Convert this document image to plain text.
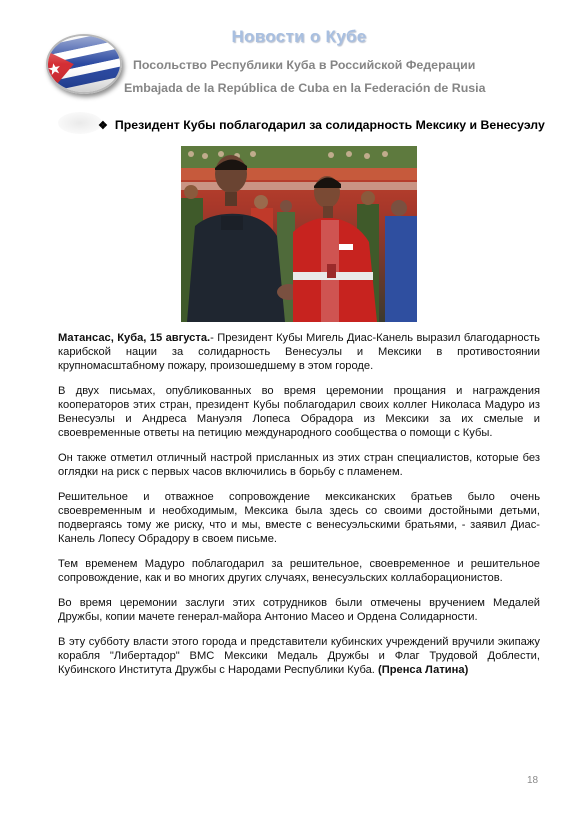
Новости о Кубе
Посольство Республики Куба в Российской Федерации
Embajada de la República de Cuba en la Federación de Rusia
❖ Президент Кубы поблагодарил за солидарность Мексику и Венесуэлу

Матансас, Куба, 15 августа.- Президент Кубы Мигель Диас-Канель выразил благодарность карибской нации за солидарность Венесуэлы и Мексики в противостоянии крупномасштабному пожару, произошедшему в этом городе.

В двух письмах, опубликованных во время церемонии прощания и награждения кооператоров этих стран, президент Кубы поблагодарил своих коллег Николаса Мадуро из Венесуэлы и Андреса Мануэля Лопеса Обрадора из Мексики за их смелые и своевременные ответы на петицию международного сообщества о помощи с Кубы.

Он также отметил отличный настрой присланных из этих стран специалистов, которые без оглядки на риск с первых часов включились в борьбу с пламенем.

Решительное и отважное сопровождение мексиканских братьев было очень своевременным и необходимым, Мексика была здесь со своими достойными детьми, подвергаясь тому же риску, что и мы, вместе с венесуэльскими братьями, - заявил Диас-Канель Лопесу Обрадору в своем письме.

Тем временем Мадуро поблагодарил за решительное, своевременное и решительное сопровождение, как и во многих других случаях, венесуэльских коллаборационистов.

Во время церемонии заслуги этих сотрудников были отмечены вручением Медалей Дружбы, копии мачете генерал-майора Антонио Масео и Ордена Солидарности.

В эту субботу власти этого города и представители кубинских учреждений вручили экипажу корабля "Либертадор" ВМС Мексики Медаль Дружбы и Флаг Трудовой Доблести, Кубинского Института Дружбы с Народами Республики Куба. (Пренса Латина)

18
